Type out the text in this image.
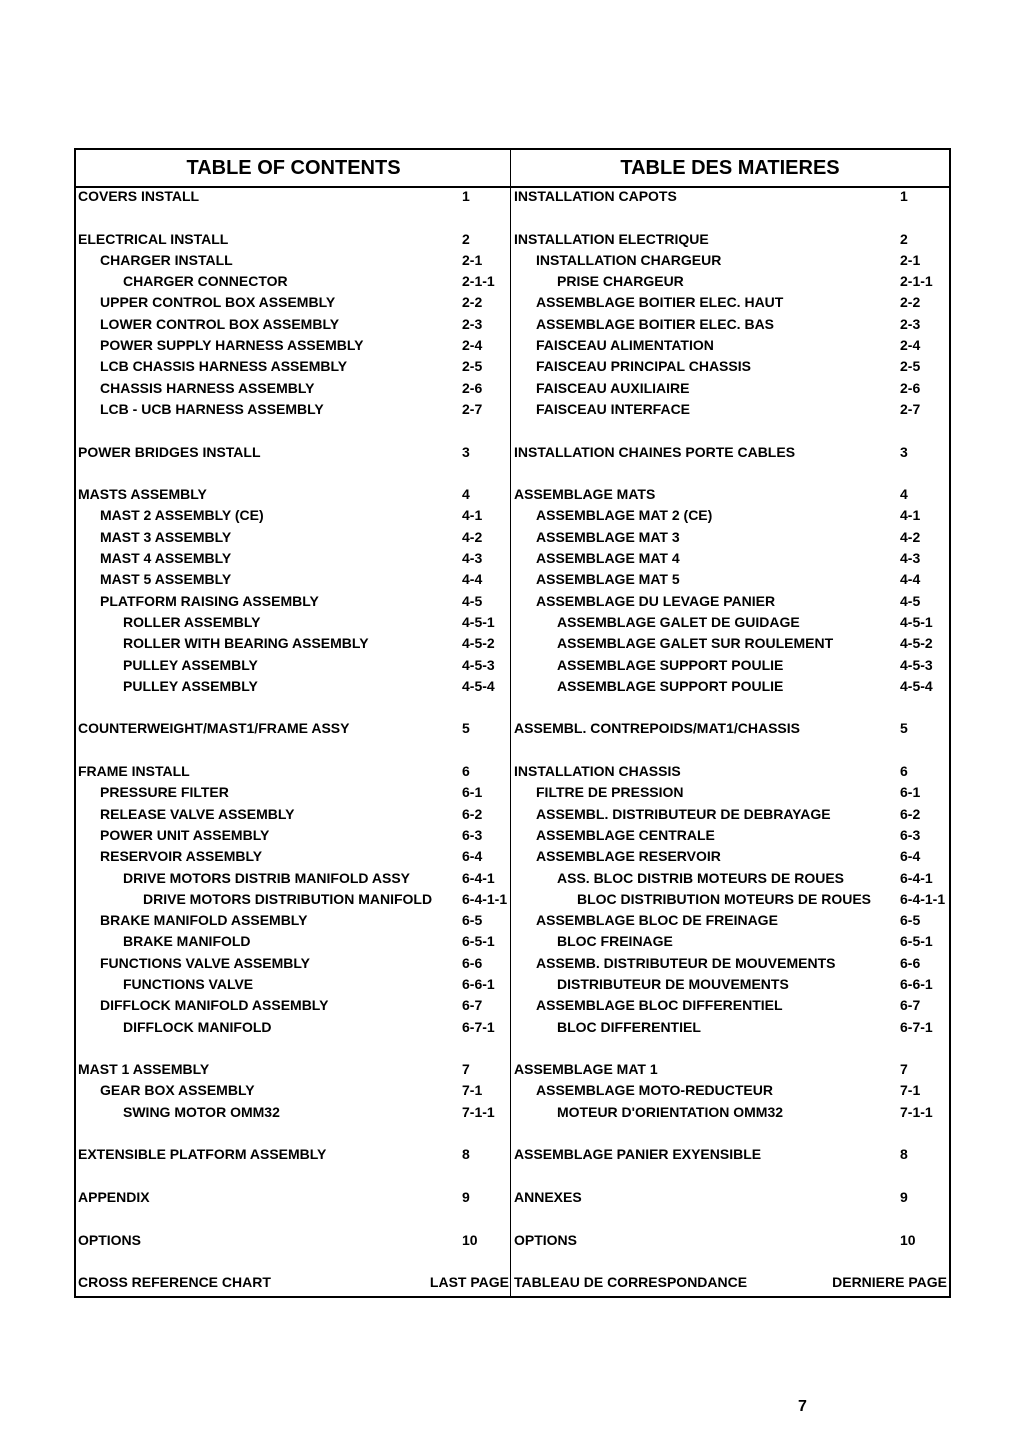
TABLE OF CONTENTS	TABLE DES MATIERES
COVERS INSTALL	1
ELECTRICAL INSTALL	2
CHARGER INSTALL	2-1
CHARGER CONNECTOR	2-1-1
UPPER CONTROL BOX ASSEMBLY	2-2
LOWER CONTROL BOX ASSEMBLY	2-3
POWER SUPPLY HARNESS ASSEMBLY	2-4
LCB CHASSIS HARNESS ASSEMBLY	2-5
CHASSIS HARNESS ASSEMBLY	2-6
LCB - UCB HARNESS ASSEMBLY	2-7
POWER BRIDGES INSTALL	3
MASTS ASSEMBLY	4
MAST 2 ASSEMBLY (CE)	4-1
MAST 3 ASSEMBLY	4-2
MAST 4 ASSEMBLY	4-3
MAST 5 ASSEMBLY	4-4
PLATFORM RAISING ASSEMBLY	4-5
ROLLER ASSEMBLY	4-5-1
ROLLER WITH BEARING ASSEMBLY	4-5-2
PULLEY ASSEMBLY	4-5-3
PULLEY ASSEMBLY	4-5-4
COUNTERWEIGHT/MAST1/FRAME ASSY	5
FRAME INSTALL	6
PRESSURE FILTER	6-1
RELEASE VALVE ASSEMBLY	6-2
POWER UNIT ASSEMBLY	6-3
RESERVOIR ASSEMBLY	6-4
DRIVE MOTORS DISTRIB MANIFOLD ASSY	6-4-1
DRIVE MOTORS DISTRIBUTION MANIFOLD 6-4-1-1
BRAKE MANIFOLD ASSEMBLY	6-5
BRAKE MANIFOLD	6-5-1
FUNCTIONS VALVE ASSEMBLY	6-6
FUNCTIONS VALVE	6-6-1
DIFFLOCK MANIFOLD ASSEMBLY	6-7
DIFFLOCK MANIFOLD	6-7-1
MAST 1 ASSEMBLY	7
GEAR BOX ASSEMBLY	7-1
SWING MOTOR OMM32	7-1-1
EXTENSIBLE PLATFORM ASSEMBLY	8
APPENDIX	9
OPTIONS	10
CROSS REFERENCE CHART	LAST PAGE
INSTALLATION CAPOTS	1
INSTALLATION ELECTRIQUE	2
INSTALLATION CHARGEUR	2-1
PRISE CHARGEUR	2-1-1
ASSEMBLAGE BOITIER ELEC. HAUT	2-2
ASSEMBLAGE BOITIER ELEC. BAS	2-3
FAISCEAU ALIMENTATION	2-4
FAISCEAU PRINCIPAL CHASSIS	2-5
FAISCEAU AUXILIAIRE	2-6
FAISCEAU INTERFACE	2-7
INSTALLATION CHAINES PORTE CABLES	3
ASSEMBLAGE MATS	4
ASSEMBLAGE MAT 2 (CE)	4-1
ASSEMBLAGE MAT 3	4-2
ASSEMBLAGE MAT 4	4-3
ASSEMBLAGE MAT 5	4-4
ASSEMBLAGE DU LEVAGE PANIER	4-5
ASSEMBLAGE GALET DE GUIDAGE	4-5-1
ASSEMBLAGE GALET SUR ROULEMENT	4-5-2
ASSEMBLAGE SUPPORT POULIE	4-5-3
ASSEMBLAGE SUPPORT POULIE	4-5-4
ASSEMBL. CONTREPOIDS/MAT1/CHASSIS	5
INSTALLATION CHASSIS	6
FILTRE DE PRESSION	6-1
ASSEMBL. DISTRIBUTEUR DE DEBRAYAGE	6-2
ASSEMBLAGE CENTRALE	6-3
ASSEMBLAGE RESERVOIR	6-4
ASS. BLOC DISTRIB MOTEURS DE ROUES	6-4-1
BLOC DISTRIBUTION MOTEURS DE ROUES 6-4-1-1
ASSEMBLAGE BLOC DE FREINAGE	6-5
BLOC FREINAGE	6-5-1
ASSEMB. DISTRIBUTEUR DE MOUVEMENTS	6-6
DISTRIBUTEUR DE MOUVEMENTS	6-6-1
ASSEMBLAGE BLOC DIFFERENTIEL	6-7
BLOC DIFFERENTIEL	6-7-1
ASSEMBLAGE MAT 1	7
ASSEMBLAGE MOTO-REDUCTEUR	7-1
MOTEUR D'ORIENTATION OMM32	7-1-1
ASSEMBLAGE PANIER EXYENSIBLE	8
ANNEXES	9
OPTIONS	10
TABLEAU DE CORRESPONDANCE	DERNIERE PAGE
7
